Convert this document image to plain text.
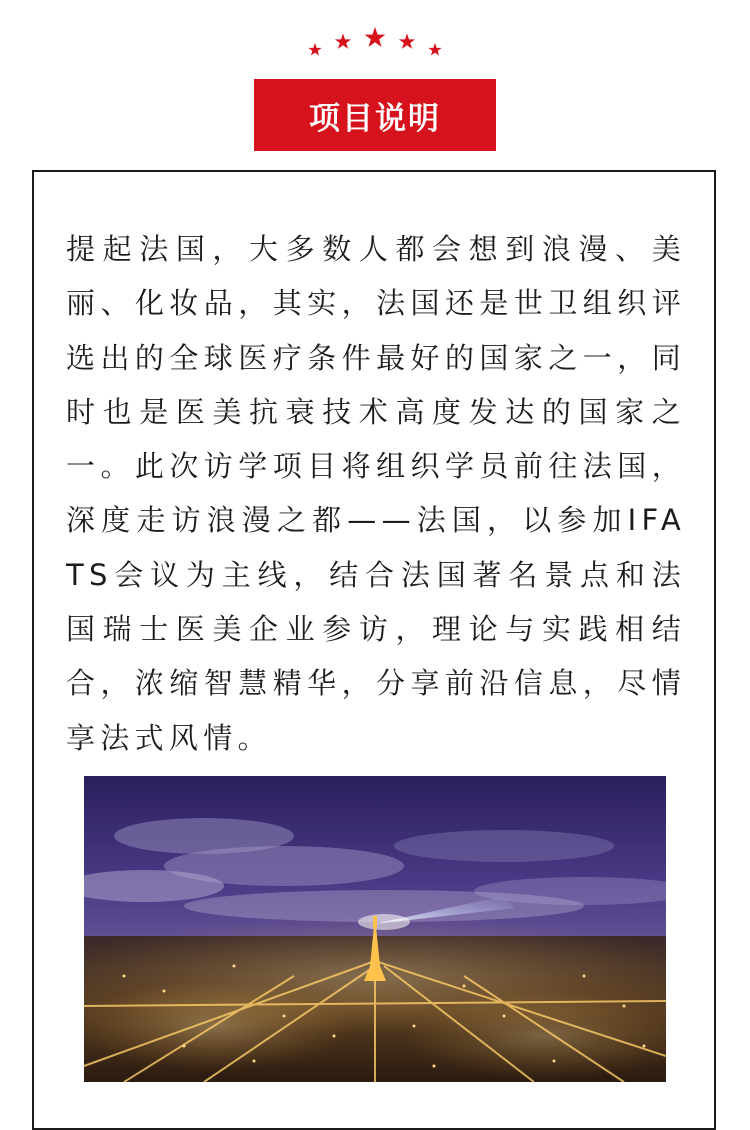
项目说明

提起法国，大多数人都会想到浪漫、美丽、化妆品，其实，法国还是世卫组织评选出的全球医疗条件最好的国家之一，同时也是医美抗衰技术高度发达的国家之一。此次访学项目将组织学员前往法国，深度走访浪漫之都——法国，以参加IFATS会议为主线，结合法国著名景点和法国瑞士医美企业参访，理论与实践相结合，浓缩智慧精华，分享前沿信息，尽情享法式风情。
